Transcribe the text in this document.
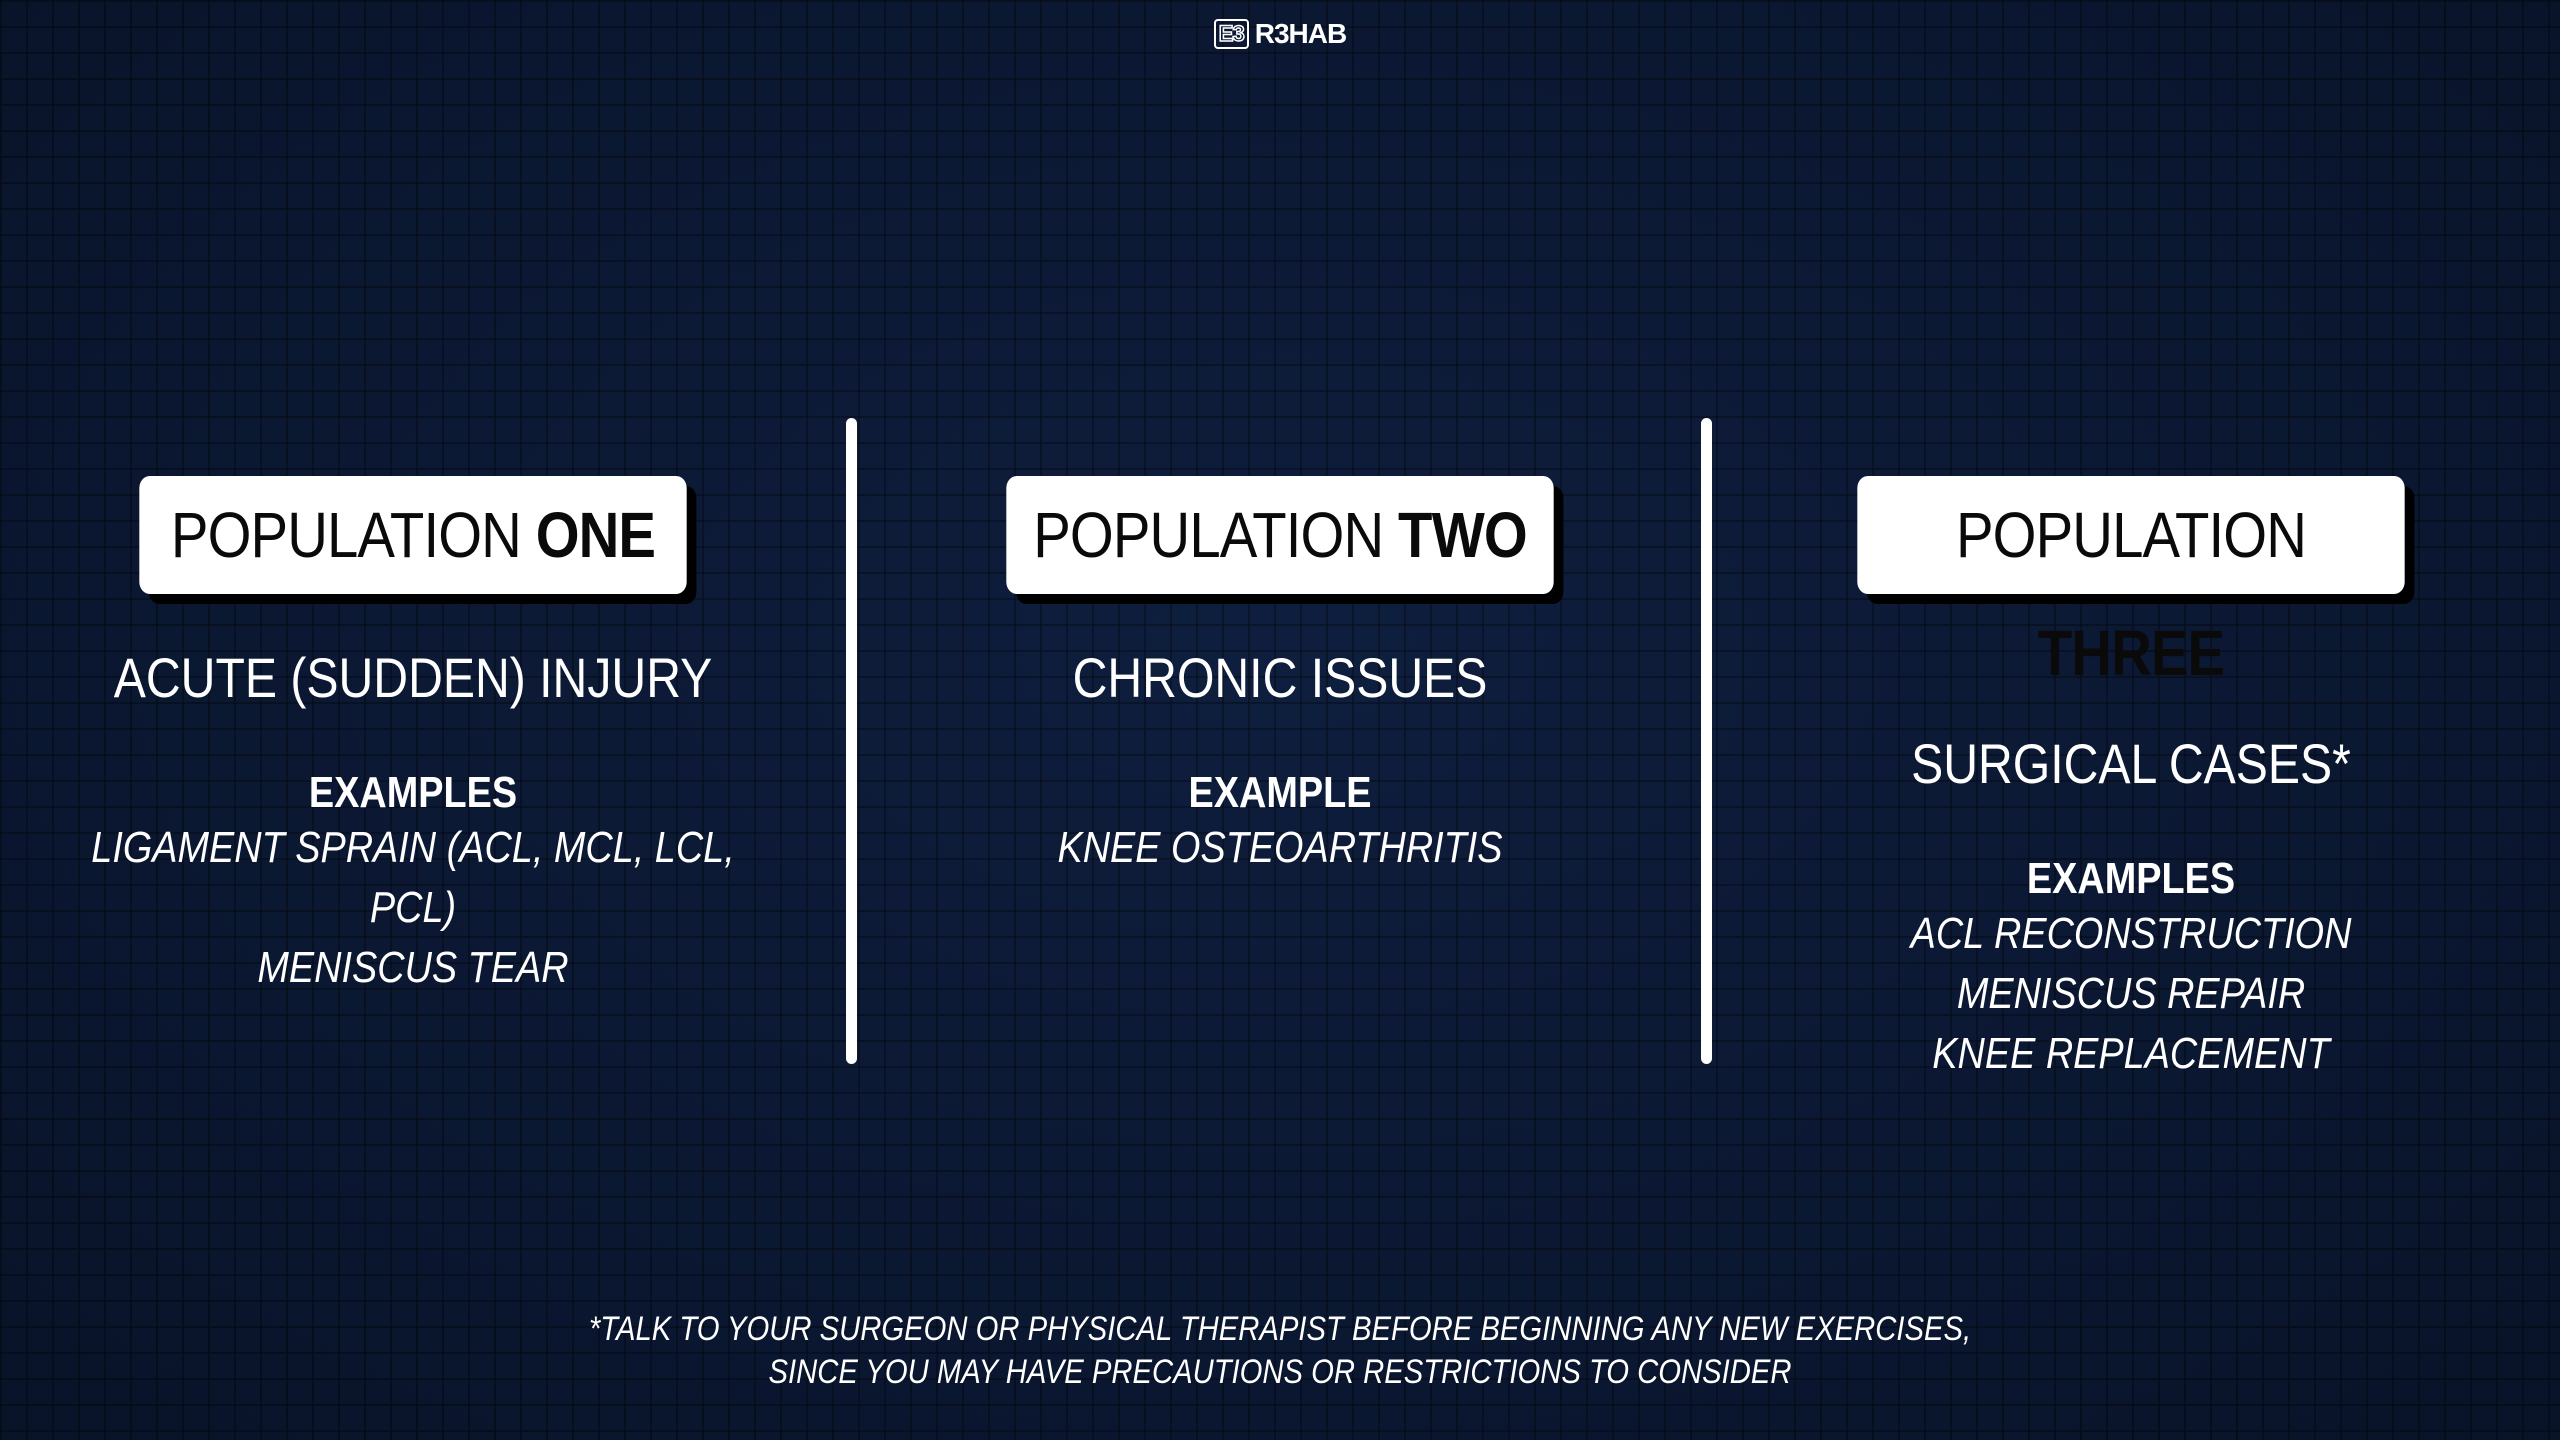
E3 R3HAB
POPULATION ONE
ACUTE (SUDDEN) INJURY
EXAMPLES
LIGAMENT SPRAIN (ACL, MCL, LCL, PCL)
MENISCUS TEAR
POPULATION TWO
CHRONIC ISSUES
EXAMPLE
KNEE OSTEOARTHRITIS
POPULATION THREE
SURGICAL CASES*
EXAMPLES
ACL RECONSTRUCTION
MENISCUS REPAIR
KNEE REPLACEMENT
*TALK TO YOUR SURGEON OR PHYSICAL THERAPIST BEFORE BEGINNING ANY NEW EXERCISES,
SINCE YOU MAY HAVE PRECAUTIONS OR RESTRICTIONS TO CONSIDER
